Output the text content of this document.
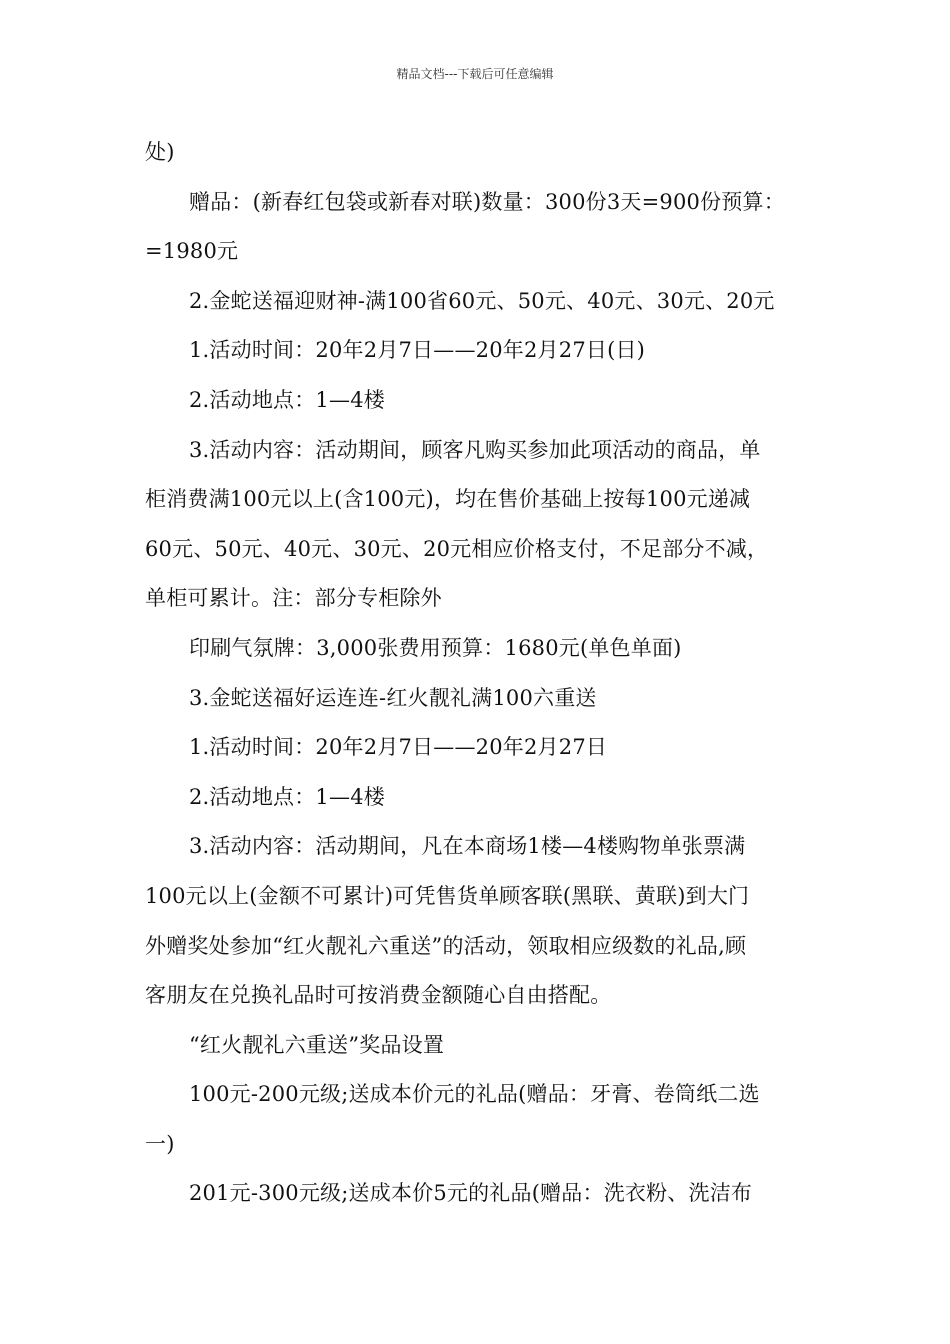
精品文档---下载后可任意编辑
处)
赠品：(新春红包袋或新春对联)数量：300份3天=900份预算：
=1980元
2.金蛇送福迎财神-满100省60元、50元、40元、30元、20元
1.活动时间：20年2月7日——20年2月27日(日)
2.活动地点：1—4楼
3.活动内容：活动期间，顾客凡购买参加此项活动的商品，单
柜消费满100元以上(含100元)，均在售价基础上按每100元递减
60元、50元、40元、30元、20元相应价格支付，不足部分不减，
单柜可累计。注：部分专柜除外
印刷气氛牌：3,000张费用预算：1680元(单色单面)
3.金蛇送福好运连连-红火靓礼满100六重送
1.活动时间：20年2月7日——20年2月27日
2.活动地点：1—4楼
3.活动内容：活动期间，凡在本商场1楼—4楼购物单张票满
100元以上(金额不可累计)可凭售货单顾客联(黑联、黄联)到大门
外赠奖处参加“红火靓礼六重送”的活动，领取相应级数的礼品,顾
客朋友在兑换礼品时可按消费金额随心自由搭配。
“红火靓礼六重送”奖品设置
100元-200元级;送成本价元的礼品(赠品：牙膏、卷筒纸二选
一)
201元-300元级;送成本价5元的礼品(赠品：洗衣粉、洗洁布
